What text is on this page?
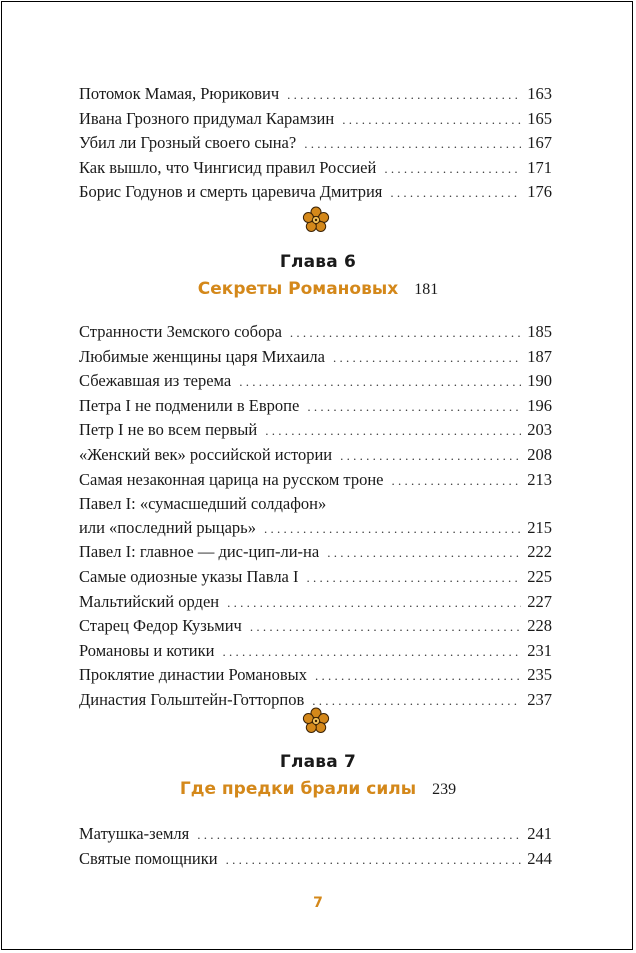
Потомок Мамая, Рюрикович . . .	163
Ивана Грозного придумал Карамзин . . .	165
Убил ли Грозный своего сына? . . .	167
Как вышло, что Чингисид правил Россией . . .	171
Борис Годунов и смерть царевича Дмитрия . . .	176
Глава 6
Секреты Романовых 181
Странности Земского собора . . .	185
Любимые женщины царя Михаила . . .	187
Сбежавшая из терема . . .	190
Петра I не подменили в Европе . . .	196
Петр I не во всем первый . . .	203
«Женский век» российской истории . . .	208
Самая незаконная царица на русском троне . . .	213
Павел I: «сумасшедший солдафон»
или «последний рыцарь» . . .	215
Павел I: главное — дис-цип-ли-на . . .	222
Самые одиозные указы Павла I . . .	225
Мальтийский орден . . .	227
Старец Федор Кузьмич . . .	228
Романовы и котики . . .	231
Проклятие династии Романовых . . .	235
Династия Гольштейн-Готторпов . . .	237
Глава 7
Где предки брали силы 239
Матушка-земля . . .	241
Святые помощники . . .	244
7
